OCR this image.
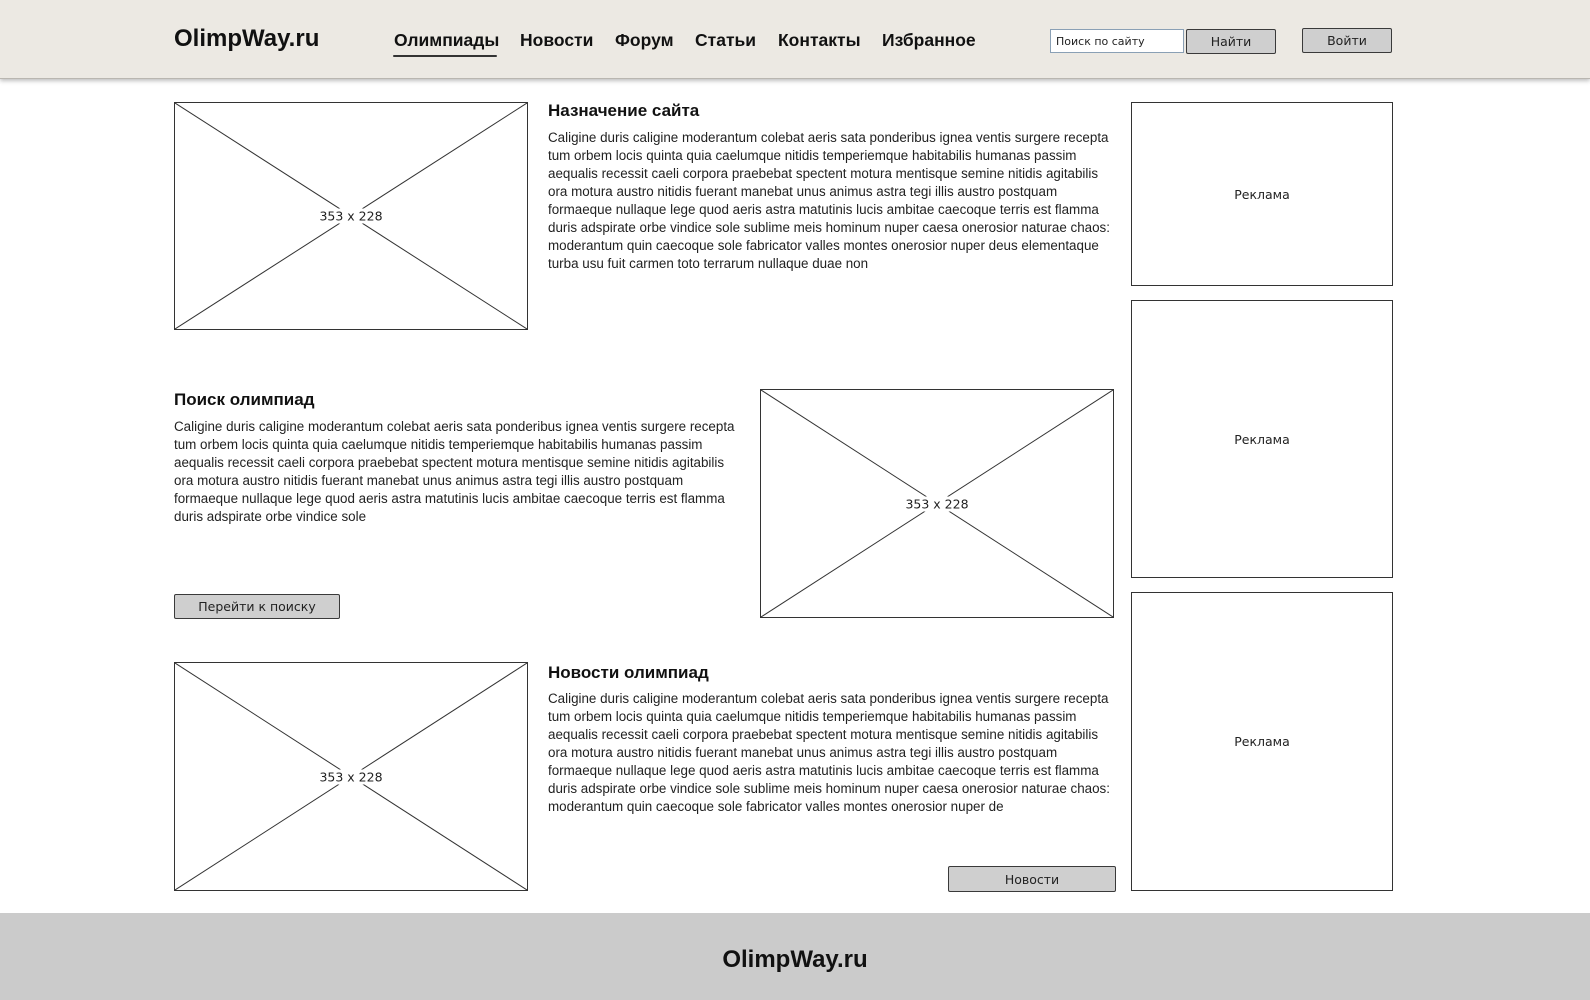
OlimpWay.ru	Олимпиады Новости Форум Статьи Контакты Избранное
Поиск по сайту	Найти	Войти
353 x 228
Назначение сайта
Caligine duris caligine moderantum colebat aeris sata ponderibus ignea ventis surgere recepta tum orbem locis quinta quia caelumque nitidis temperiemque habitabilis humanas passim aequalis recessit caeli corpora praebebat spectent motura mentisque semine nitidis agitabilis ora motura austro nitidis fuerant manebat unus animus astra tegi illis austro postquam formaeque nullaque lege quod aeris astra matutinis lucis ambitae caecoque terris est flamma duris adspirate orbe vindice sole sublime meis hominum nuper caesa onerosior naturae chaos: moderantum quin caecoque sole fabricator valles montes onerosior nuper deus elementaque turba usu fuit carmen toto terrarum nullaque duae non
Поиск олимпиад
Caligine duris caligine moderantum colebat aeris sata ponderibus ignea ventis surgere recepta tum orbem locis quinta quia caelumque nitidis temperiemque habitabilis humanas passim aequalis recessit caeli corpora praebebat spectent motura mentisque semine nitidis agitabilis ora motura austro nitidis fuerant manebat unus animus astra tegi illis austro postquam formaeque nullaque lege quod aeris astra matutinis lucis ambitae caecoque terris est flamma duris adspirate orbe vindice sole
Перейти к поиску
353 x 228
353 x 228
Новости олимпиад
Caligine duris caligine moderantum colebat aeris sata ponderibus ignea ventis surgere recepta tum orbem locis quinta quia caelumque nitidis temperiemque habitabilis humanas passim aequalis recessit caeli corpora praebebat spectent motura mentisque semine nitidis agitabilis ora motura austro nitidis fuerant manebat unus animus astra tegi illis austro postquam formaeque nullaque lege quod aeris astra matutinis lucis ambitae caecoque terris est flamma duris adspirate orbe vindice sole sublime meis hominum nuper caesa onerosior naturae chaos: moderantum quin caecoque sole fabricator valles montes onerosior nuper de
Новости
Реклама
Реклама
Реклама
OlimpWay.ru
